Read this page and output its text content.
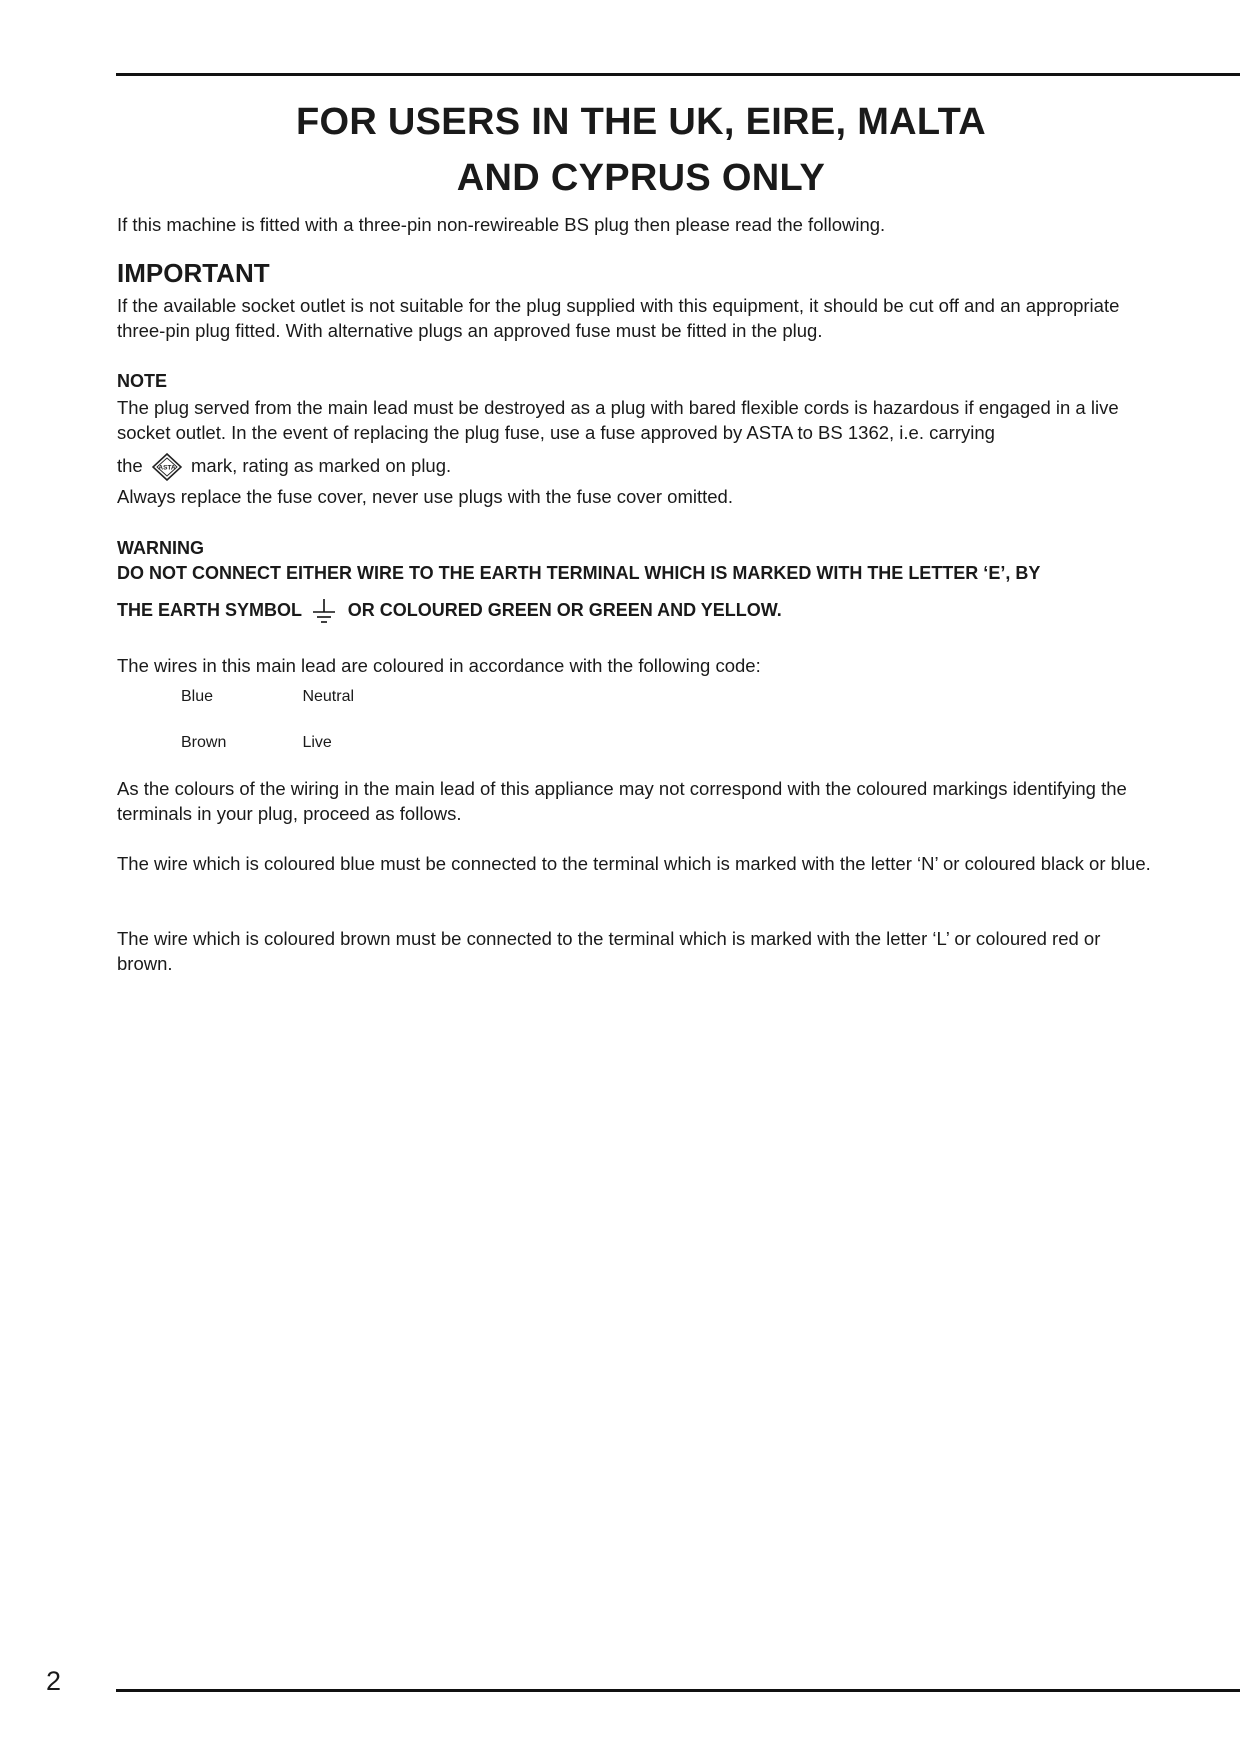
FOR USERS IN THE UK, EIRE, MALTA
AND CYPRUS ONLY
If this machine is fitted with a three-pin non-rewireable BS plug then please read the following.
IMPORTANT
If the available socket outlet is not suitable for the plug supplied with this equipment, it should be cut off and an appropriate three-pin plug fitted. With alternative plugs an approved fuse must be fitted in the plug.
NOTE
The plug served from the main lead must be destroyed as a plug with bared flexible cords is hazardous if engaged in a live socket outlet. In the event of replacing the plug fuse, use a fuse approved by ASTA to BS 1362, i.e. carrying
the ASTA mark, rating as marked on plug.
Always replace the fuse cover, never use plugs with the fuse cover omitted.
WARNING
DO NOT CONNECT EITHER WIRE TO THE EARTH TERMINAL WHICH IS MARKED WITH THE LETTER ‘E’, BY
THE EARTH SYMBOL	OR COLOURED GREEN OR GREEN AND YELLOW.
The wires in this main lead are coloured in accordance with the following code:
Blue	Neutral
Brown	Live
As the colours of the wiring in the main lead of this appliance may not correspond with the coloured markings identifying the terminals in your plug, proceed as follows.
The wire which is coloured blue must be connected to the terminal which is marked with the letter ‘N’ or coloured black or blue.
The wire which is coloured brown must be connected to the terminal which is marked with the letter ‘L’ or coloured red or brown.
2
